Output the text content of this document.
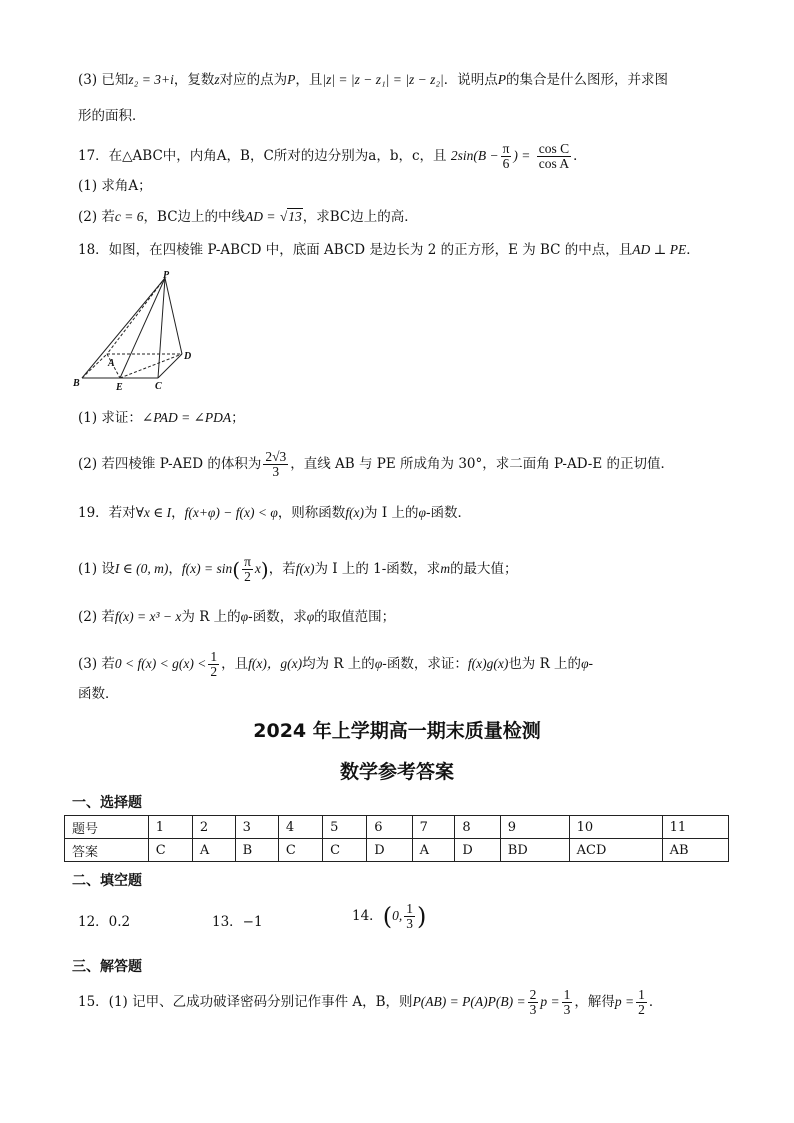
(3) 已知z₂ = 3+i，复数z对应的点为P，且|z| = |z − z₁| = |z − z₂|．说明点P的集合是什么图形，并求图
形的面积．
17．在△ABC中，内角A，B，C所对的边分别为a，b，c，且 $2\sin(B - \frac{\pi}{6}$ ) = $\frac{\text{cos C}}{\text{cos A}}$ ．
(1) 求角A；
(2) 若c = 6，BC边上的中线AD = √13，求BC边上的高．
18．如图，在四棱锥 P-ABCD 中，底面 ABCD 是边长为 2 的正方形，E 为 BC 的中点，且AD ⊥ PE．
P
A
B	E	C
D
(1) 求证：∠PAD = ∠PDA；
(2) 若四棱锥 P-AED 的体积为 $\frac{2√3}{3}$ ，直线 AB 与 PE 所成角为 30°，求二面角 P-AD-E 的正切值．
19．若对∀x ∈ I，f(x+φ) − f(x) < φ，则称函数f(x)为 I 上的φ-函数．
(1) 设I ∈ (0, m)，$f(x) = \sin( \frac{\pi}{2} x)$，若f(x)为 I 上的 1-函数，求m的最大值；
(2) 若f(x) = x³ − x为 R 上的φ-函数，求φ的取值范围；
(3) 若$0 < f(x) < g(x) < \frac{1}{2}$ ，且f(x)，g(x)均为 R 上的φ-函数，求证：f(x)g(x)也为 R 上的φ-
函数．
2024 年上学期高一期末质量检测
数学参考答案
一、选择题
题号	1	2	3	4	5	6	7	8	9	10	11
答案	C	A	B	C	C	D	A	D	BD	ACD	AB
二、填空题
12．0.2	13．−1	14．(0, $\frac{1}{3}$ )
三、解答题
15．(1) 记甲、乙成功破译密码分别记作事件 A，B，则$P(AB) = P(A)P(B) = \frac{2}{3}$ $p = \frac{1}{3}$ ，解得$p = \frac{1}{2}$ ．
